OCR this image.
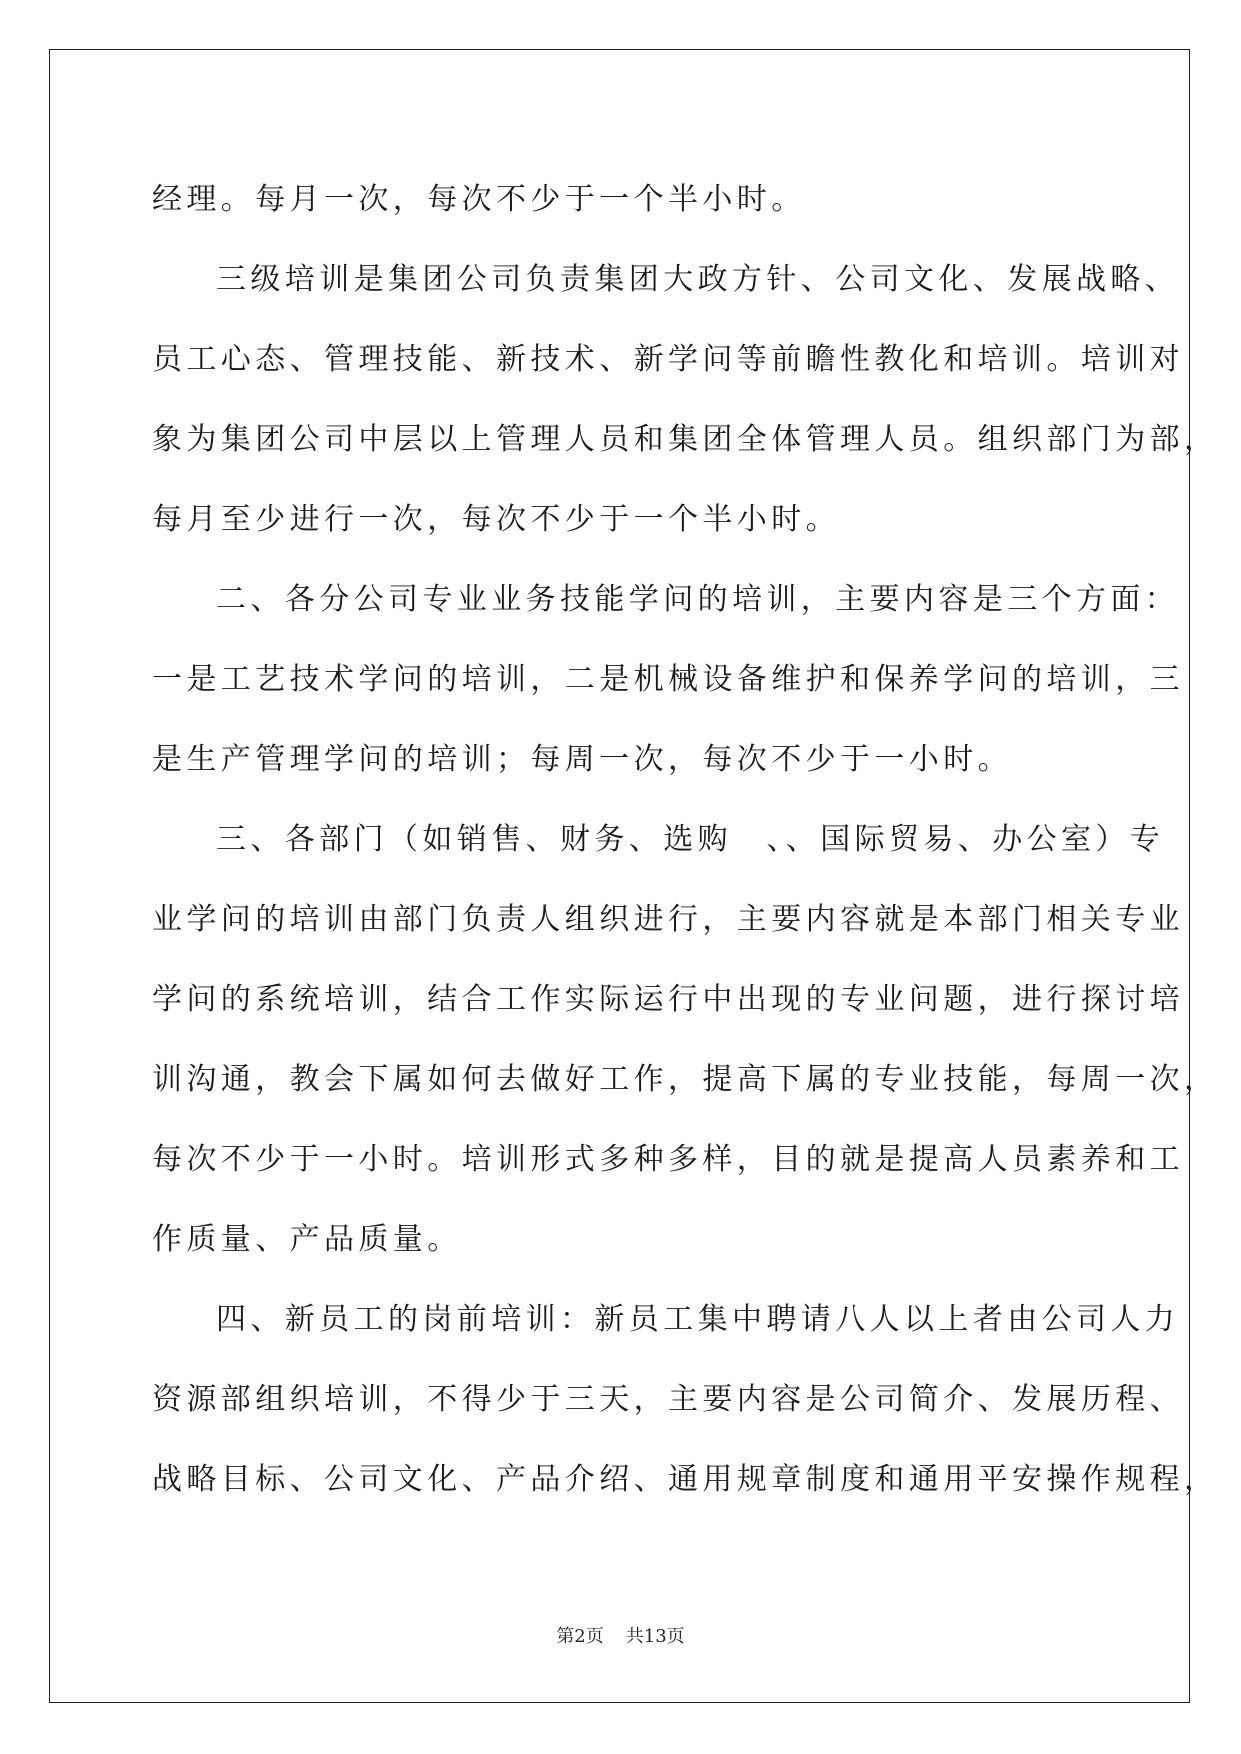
经理。每月一次，每次不少于一个半小时。
三级培训是集团公司负责集团大政方针、公司文化、发展战略、
员工心态、管理技能、新技术、新学问等前瞻性教化和培训。培训对
象为集团公司中层以上管理人员和集团全体管理人员。组织部门为部，
每月至少进行一次，每次不少于一个半小时。
二、各分公司专业业务技能学问的培训，主要内容是三个方面：
一是工艺技术学问的培训，二是机械设备维护和保养学问的培训，三
是生产管理学问的培训；每周一次，每次不少于一小时。
三、各部门（如销售、财务、选购　、、国际贸易、办公室）专
业学问的培训由部门负责人组织进行，主要内容就是本部门相关专业
学问的系统培训，结合工作实际运行中出现的专业问题，进行探讨培
训沟通，教会下属如何去做好工作，提高下属的专业技能，每周一次，
每次不少于一小时。培训形式多种多样，目的就是提高人员素养和工
作质量、产品质量。
四、新员工的岗前培训：新员工集中聘请八人以上者由公司人力
资源部组织培训，不得少于三天，主要内容是公司简介、发展历程、
战略目标、公司文化、产品介绍、通用规章制度和通用平安操作规程，
第2页 共13页
